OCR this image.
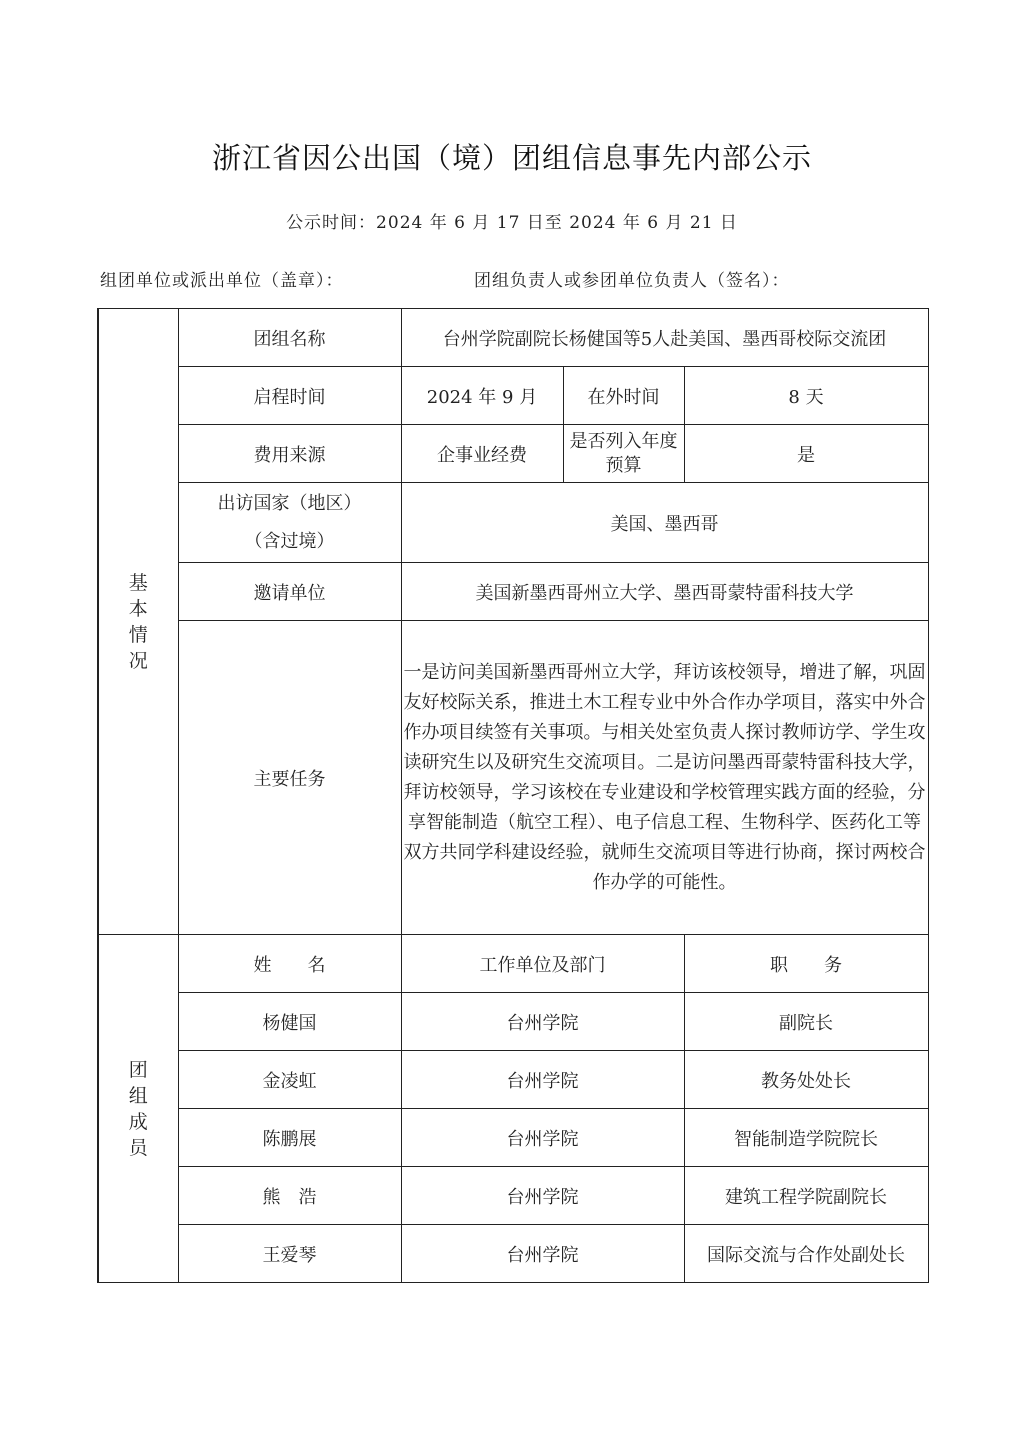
浙江省因公出国（境）团组信息事先内部公示
公示时间：2024 年 6 月 17 日至 2024 年 6 月 21 日
组团单位或派出单位（盖章）：	团组负责人或参团单位负责人（签名）：
基本情况	团组名称	台州学院副院长杨健国等5人赴美国、墨西哥校际交流团		
	启程时间	2024 年 9 月	在外时间	8 天
	费用来源	企事业经费	是否列入年度预算	是

	出访国家（地区）
（含过境）	美国、墨西哥		
	邀请单位	美国新墨西哥州立大学、墨西哥蒙特雷科技大学		
	主要任务	一是访问美国新墨西哥州立大学，拜访该校领导，增进了解，巩固友好校际关系，推进土木工程专业中外合作办学项目，落实中外合作办项目续签有关事项。与相关处室负责人探讨教师访学、学生攻读研究生以及研究生交流项目。二是访问墨西哥蒙特雷科技大学，拜访校领导，学习该校在专业建设和学校管理实践方面的经验，分享智能制造（航空工程）、电子信息工程、生物科学、医药化工等双方共同学科建设经验，就师生交流项目等进行协商，探讨两校合作办学的可能性。		
团组成员	姓　　名	工作单位及部门		职　　务
	杨健国	台州学院		副院长
	金凌虹	台州学院		教务处处长
	陈鹏展	台州学院		智能制造学院院长
	熊　浩	台州学院		建筑工程学院副院长
	王爱琴	台州学院		国际交流与合作处副处长
